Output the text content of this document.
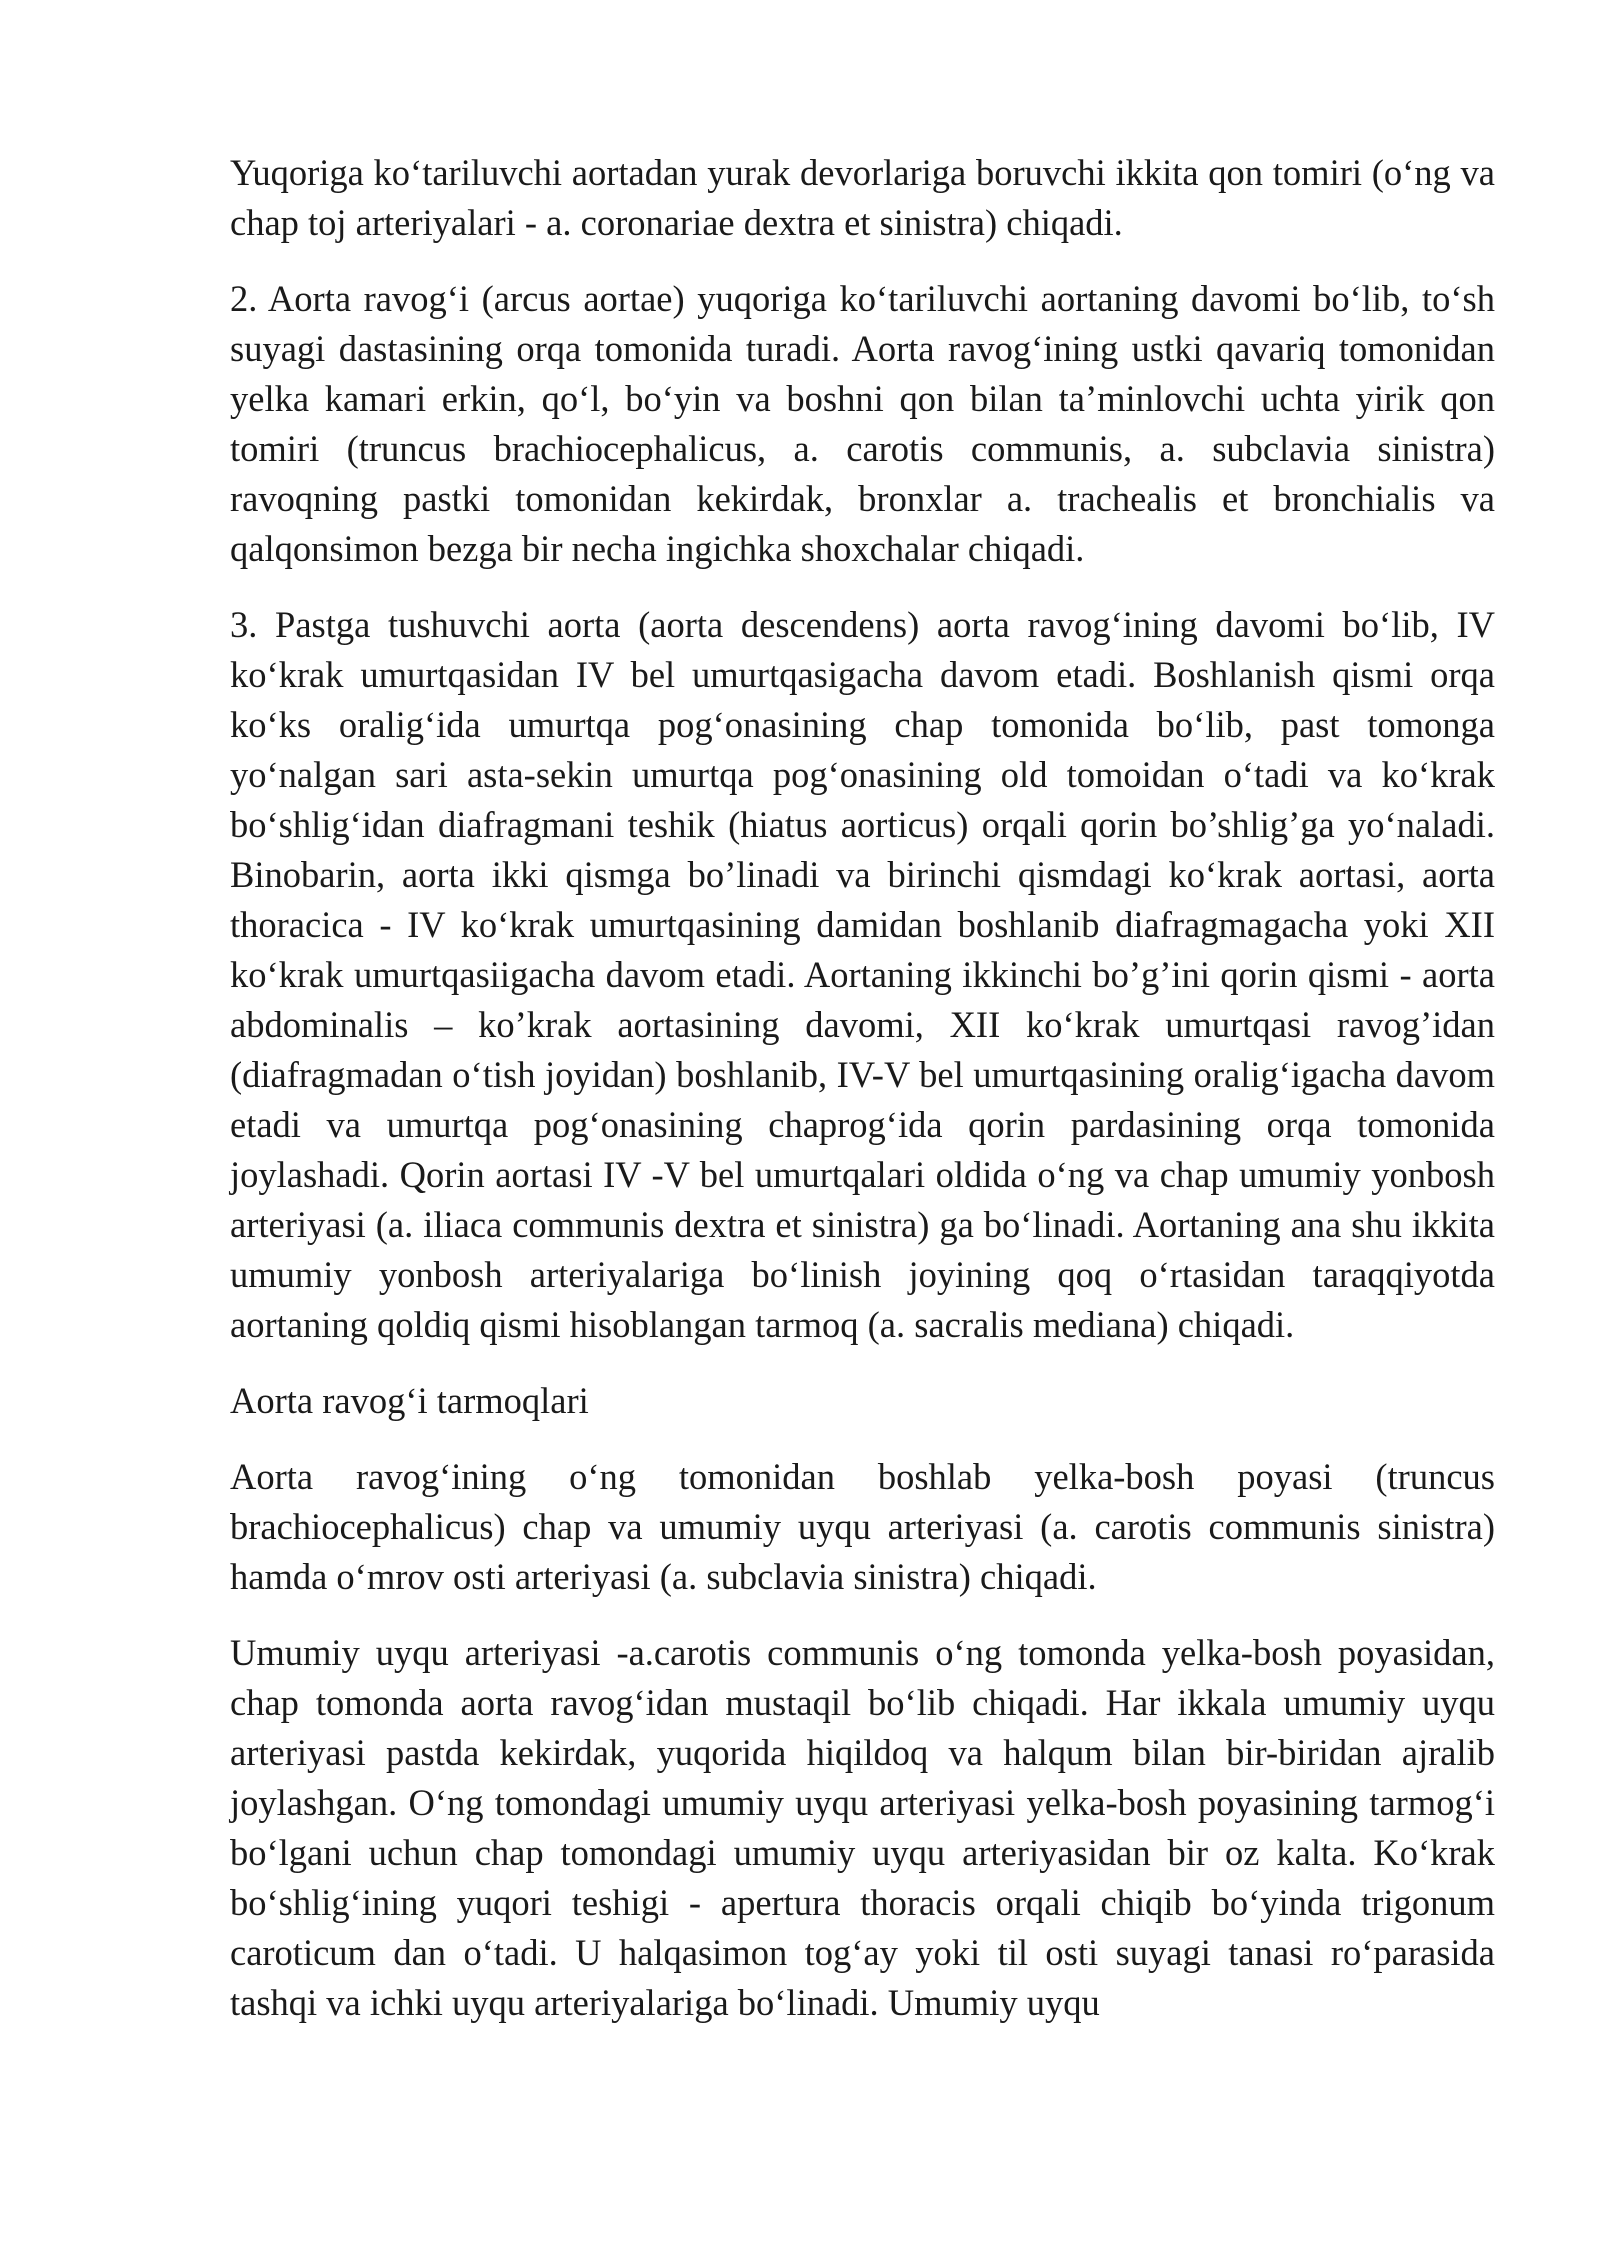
Yuqoriga ko‘tariluvchi aortadan yurak devorlariga boruvchi ikkita qon tomiri (o‘ng va chap toj arteriyalari - a. coronariae dextra et sinistra) chiqadi.

2. Aorta ravog‘i (arcus aortae) yuqoriga ko‘tariluvchi aortaning davomi bo‘lib, to‘sh suyagi dastasining orqa tomonida turadi. Aorta ravog‘ining ustki qavariq tomonidan yelka kamari erkin, qo‘l, bo‘yin va boshni qon bilan ta’minlovchi uchta yirik qon tomiri (truncus brachiocephalicus, a. carotis communis, a. subclavia sinistra) ravoqning pastki tomonidan kekirdak, bronxlar a. trachealis et bronchialis va qalqonsimon bezga bir necha ingichka shoxchalar chiqadi.

3. Pastga tushuvchi aorta (aorta descendens) aorta ravog‘ining davomi bo‘lib, IV ko‘krak umurtqasidan IV bel umurtqasigacha davom etadi. Boshlanish qismi orqa ko‘ks oralig‘ida umurtqa pog‘onasining chap tomonida bo‘lib, past tomonga yo‘nalgan sari asta-sekin umurtqa pog‘onasining old tomoidan o‘tadi va ko‘krak bo‘shlig‘idan diafragmani teshik (hiatus aorticus) orqali qorin bo’shlig’ga yo‘naladi. Binobarin, aorta ikki qismga bo’linadi va birinchi qismdagi ko‘krak aortasi, aorta thoracica - IV ko‘krak umurtqasining damidan boshlanib diafragmagacha yoki XII ko‘krak umurtqasiigacha davom etadi. Aortaning ikkinchi bo’g’ini qorin qismi - aorta abdominalis – ko’krak aortasining davomi, XII ko‘krak umurtqasi ravog’idan (diafragmadan o‘tish joyidan) boshlanib, IV-V bel umurtqasining oralig‘igacha davom etadi va umurtqa pog‘onasining chaprog‘ida qorin pardasining orqa tomonida joylashadi. Qorin aortasi IV -V bel umurtqalari oldida o‘ng va chap umumiy yonbosh arteriyasi (a. iliaca communis dextra et sinistra) ga bo‘linadi. Aortaning ana shu ikkita umumiy yonbosh arteriyalariga bo‘linish joyining qoq o‘rtasidan taraqqiyotda aortaning qoldiq qismi hisoblangan tarmoq (a. sacralis mediana) chiqadi.

Aorta ravog‘i tarmoqlari

Aorta ravog‘ining o‘ng tomonidan boshlab yelka-bosh poyasi (truncus brachiocephalicus) chap va umumiy uyqu arteriyasi (a. carotis communis sinistra) hamda o‘mrov osti arteriyasi (a. subclavia sinistra) chiqadi.

Umumiy uyqu arteriyasi -a.carotis communis o‘ng tomonda yelka-bosh poyasidan, chap tomonda aorta ravog‘idan mustaqil bo‘lib chiqadi. Har ikkala umumiy uyqu arteriyasi pastda kekirdak, yuqorida hiqildoq va halqum bilan bir-biridan ajralib joylashgan. O‘ng tomondagi umumiy uyqu arteriyasi yelka-bosh poyasining tarmog‘i bo‘lgani uchun chap tomondagi umumiy uyqu arteriyasidan bir oz kalta. Ko‘krak bo‘shlig‘ining yuqori teshigi - apertura thoracis orqali chiqib bo‘yinda trigonum caroticum dan o‘tadi. U halqasimon tog‘ay yoki til osti suyagi tanasi ro‘parasida tashqi va ichki uyqu arteriyalariga bo‘linadi. Umumiy uyqu
